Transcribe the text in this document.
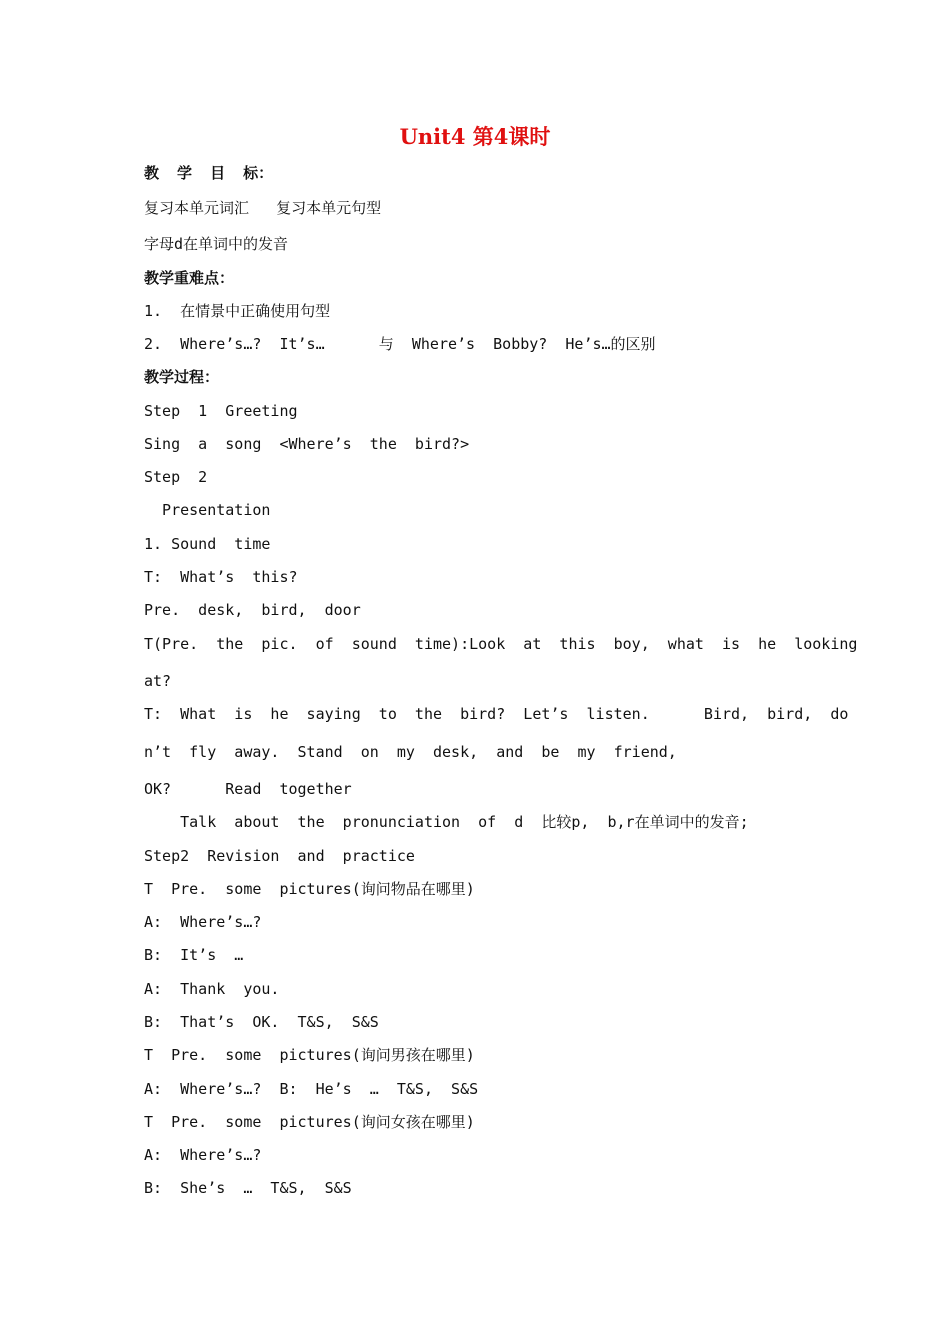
Unit4 第4课时
教  学  目  标：
复习本单元词汇   复习本单元句型
字母d在单词中的发音
教学重难点：
1.  在情景中正确使用句型
2.  Where’s…?  It’s…      与  Where’s  Bobby?  He’s…的区别
教学过程：
Step  1  Greeting
Sing  a  song  <Where’s  the  bird?>
Step  2
Presentation
1. Sound  time
T:  What’s  this?
Pre.  desk,  bird,  door
T(Pre.  the  pic.  of  sound  time):Look  at  this  boy,  what  is  he  looking
at?
T:  What  is  he  saying  to  the  bird?  Let’s  listen.      Bird,  bird,  do
n’t  fly  away.  Stand  on  my  desk,  and  be  my  friend,
OK?      Read  together
Talk  about  the  pronunciation  of  d  比较p,  b,r在单词中的发音;
Step2  Revision  and  practice
T  Pre.  some  pictures(询问物品在哪里)
A:  Where’s…?
B:  It’s  …
A:  Thank  you.
B:  That’s  OK.  T&S,  S&S
T  Pre.  some  pictures(询问男孩在哪里)
A:  Where’s…?  B:  He’s  …  T&S,  S&S
T  Pre.  some  pictures(询问女孩在哪里)
A:  Where’s…?
B:  She’s  …  T&S,  S&S
